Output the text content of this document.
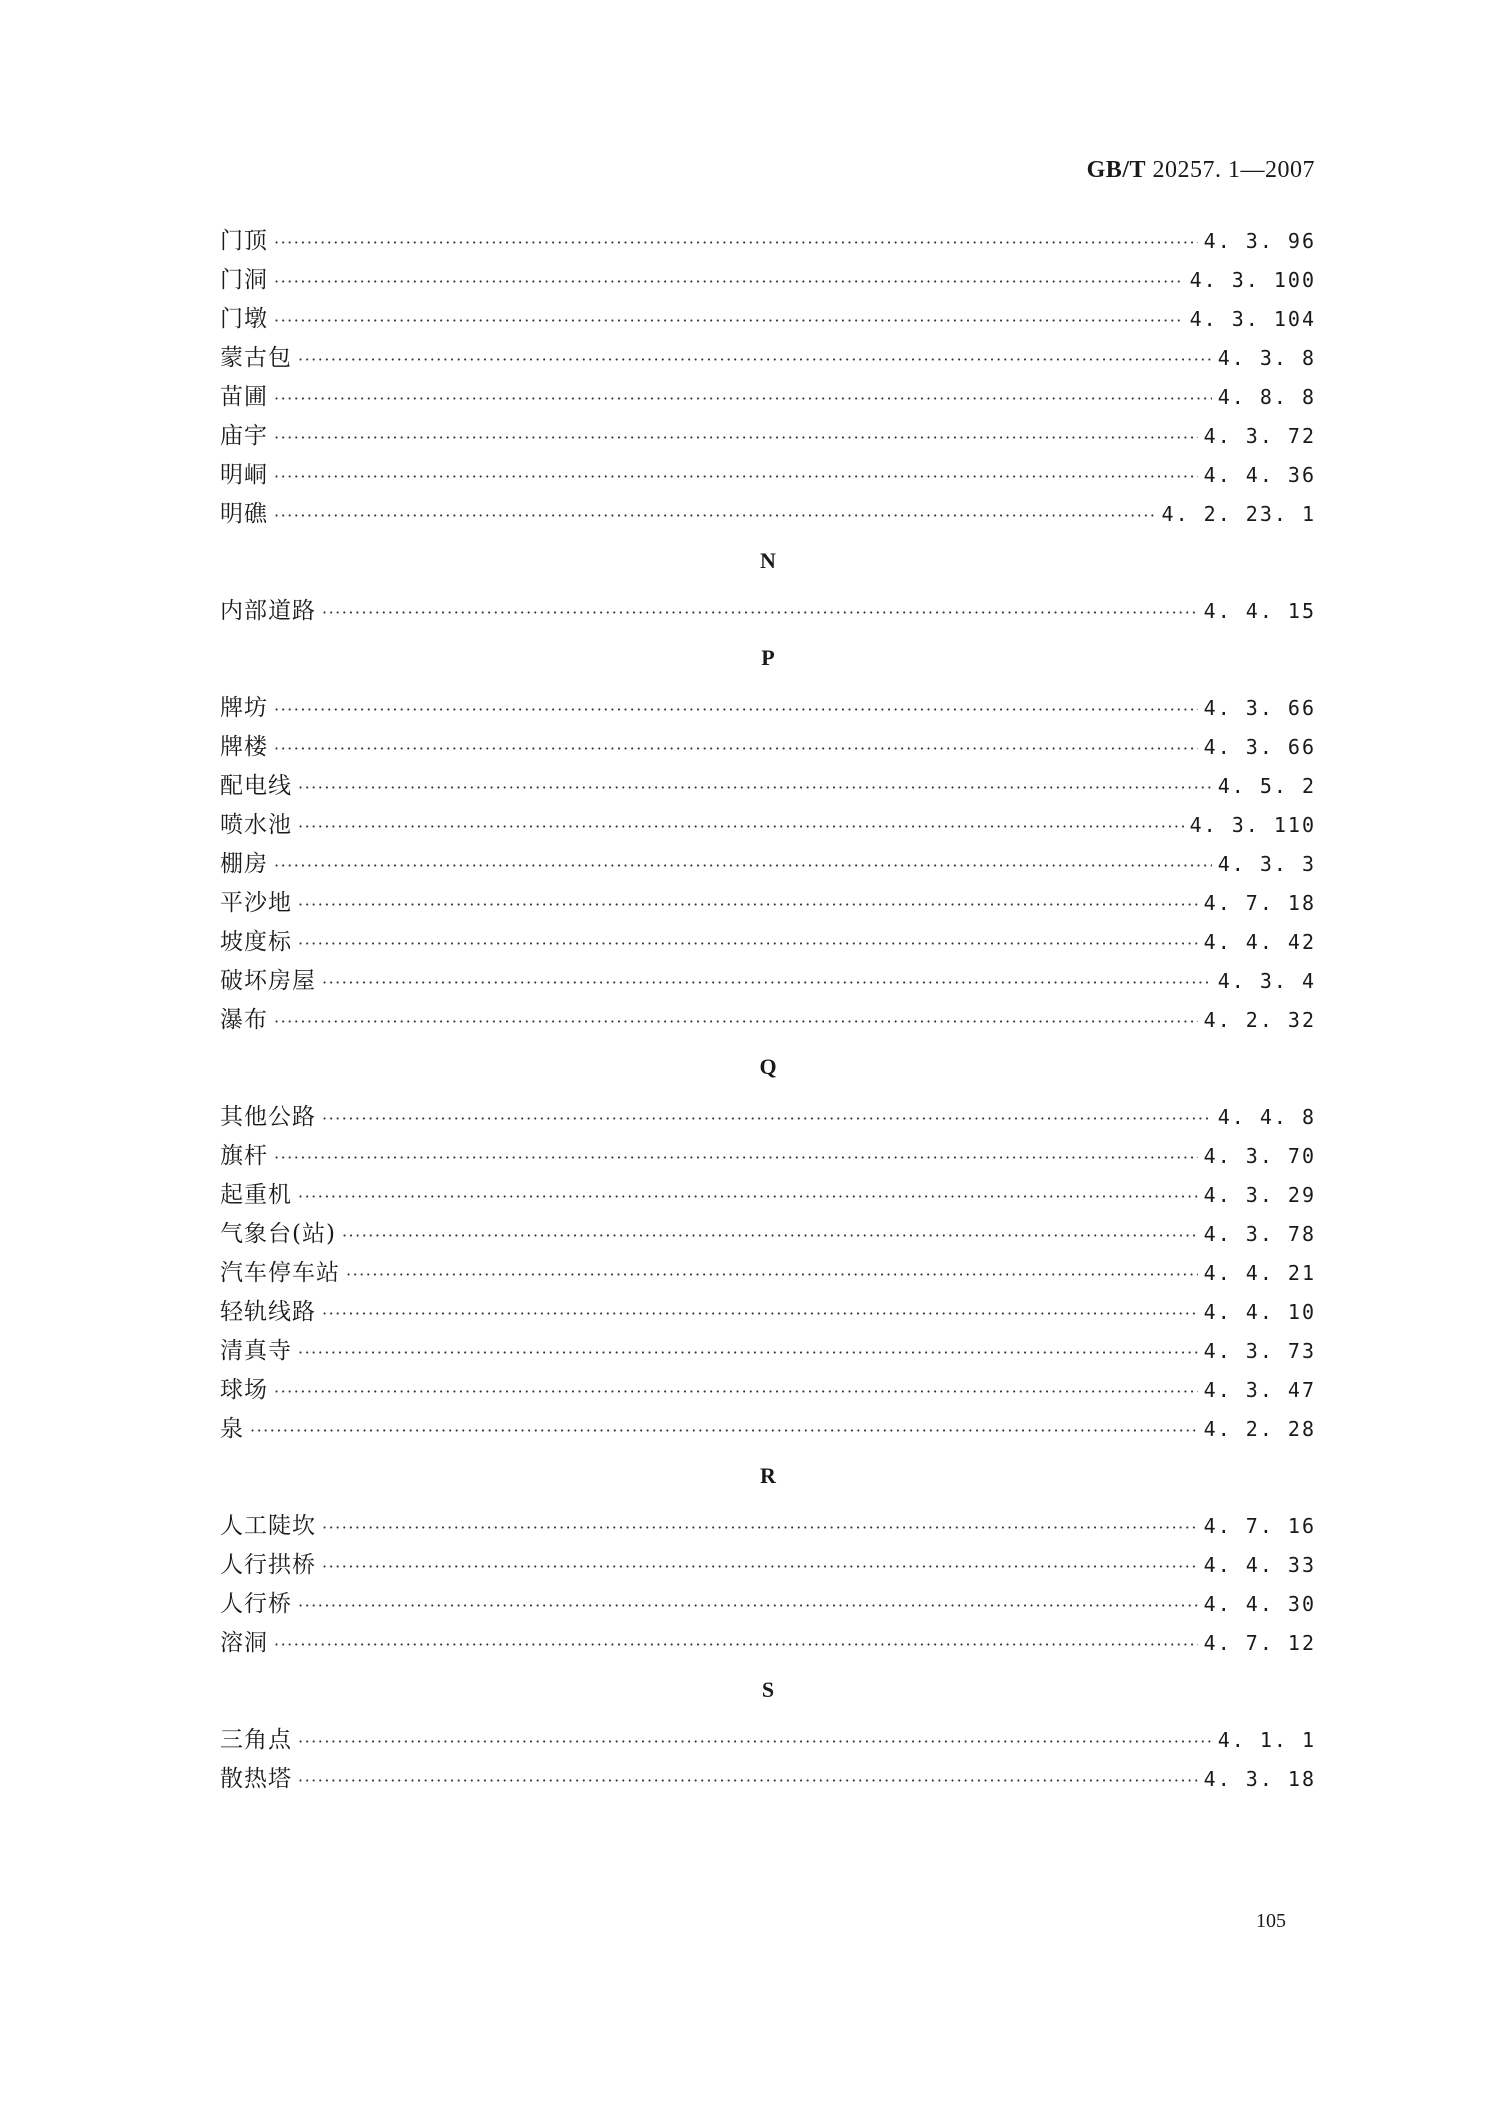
GB/T 20257. 1—2007
门顶 ·····	4. 3. 96
门洞 ·····	4. 3. 100
门墩 ·····	4. 3. 104
蒙古包 ·····	4. 3. 8
苗圃 ·····	4. 8. 8
庙宇 ·····	4. 3. 72
明峒 ·····	4. 4. 36
明礁 ·····	4. 2. 23. 1
N
内部道路 ·····	4. 4. 15
P
牌坊 ·····	4. 3. 66
牌楼 ·····	4. 3. 66
配电线 ·····	4. 5. 2
喷水池 ·····	4. 3. 110
棚房 ·····	4. 3. 3
平沙地 ·····	4. 7. 18
坡度标 ·····	4. 4. 42
破坏房屋 ·····	4. 3. 4
瀑布 ·····	4. 2. 32
Q
其他公路 ·····	4. 4. 8
旗杆 ·····	4. 3. 70
起重机 ·····	4. 3. 29
气象台(站) ·····	4. 3. 78
汽车停车站 ·····	4. 4. 21
轻轨线路 ·····	4. 4. 10
清真寺 ·····	4. 3. 73
球场 ·····	4. 3. 47
泉 ·····	4. 2. 28
R
人工陡坎 ·····	4. 7. 16
人行拱桥 ·····	4. 4. 33
人行桥 ·····	4. 4. 30
溶洞 ·····	4. 7. 12
S
三角点 ·····	4. 1. 1
散热塔 ·····	4. 3. 18
105
